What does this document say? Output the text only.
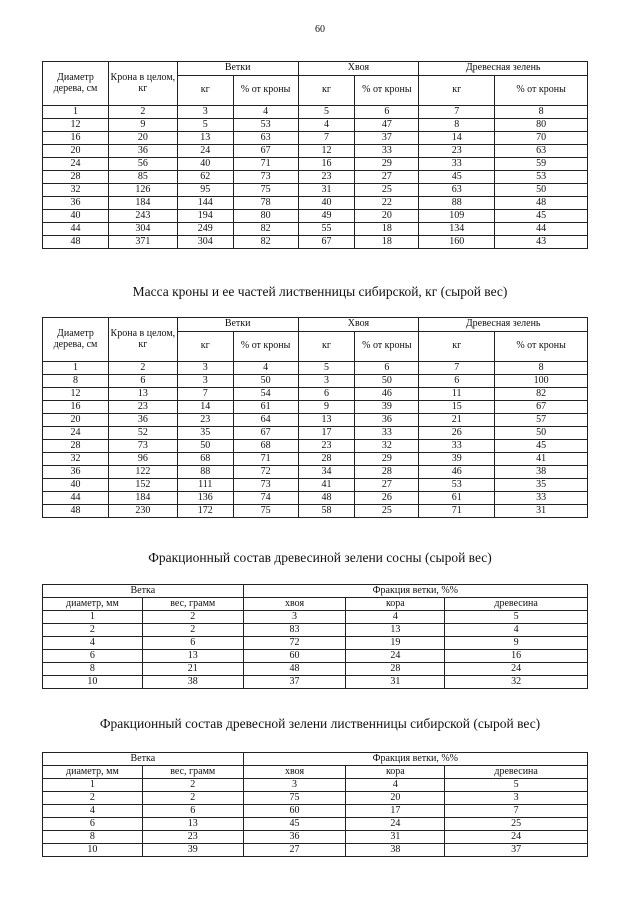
60
Диаметр дерева, см	Крона в целом, кг	Ветки		Хвоя		Древесная зелень	
		кг	% от кроны	кг	% от кроны	кг	% от кроны
1	2	3	4	5	6	7	8
12	9	5	53	4	47	8	80
16	20	13	63	7	37	14	70
20	36	24	67	12	33	23	63
24	56	40	71	16	29	33	59
28	85	62	73	23	27	45	53
32	126	95	75	31	25	63	50
36	184	144	78	40	22	88	48
40	243	194	80	49	20	109	45
44	304	249	82	55	18	134	44
48	371	304	82	67	18	160	43
Масса кроны и ее частей лиственницы сибирской, кг (сырой вес)
Диаметр дерева, см	Крона в целом, кг	Ветки		Хвоя		Древесная зелень	
		кг	% от кроны	кг	% от кроны	кг	% от кроны
1	2	3	4	5	6	7	8
8	6	3	50	3	50	6	100
12	13	7	54	6	46	11	82
16	23	14	61	9	39	15	67
20	36	23	64	13	36	21	57
24	52	35	67	17	33	26	50
28	73	50	68	23	32	33	45
32	96	68	71	28	29	39	41
36	122	88	72	34	28	46	38
40	152	111	73	41	27	53	35
44	184	136	74	48	26	61	33
48	230	172	75	58	25	71	31
Фракционный состав древесиной зелени сосны (сырой вес)
Ветка		Фракция ветки, %%		
диаметр, мм	вес, грамм	хвоя	кора	древесина
1	2	3	4	5
2	2	83	13	4
4	6	72	19	9
6	13	60	24	16
8	21	48	28	24
10	38	37	31	32
Фракционный состав древесной зелени лиственницы сибирской (сырой вес)
Ветка		Фракция ветки, %%		
диаметр, мм	вес, грамм	хвоя	кора	древесина
1	2	3	4	5
2	2	75	20	3
4	6	60	17	7
6	13	45	24	25
8	23	36	31	24
10	39	27	38	37
